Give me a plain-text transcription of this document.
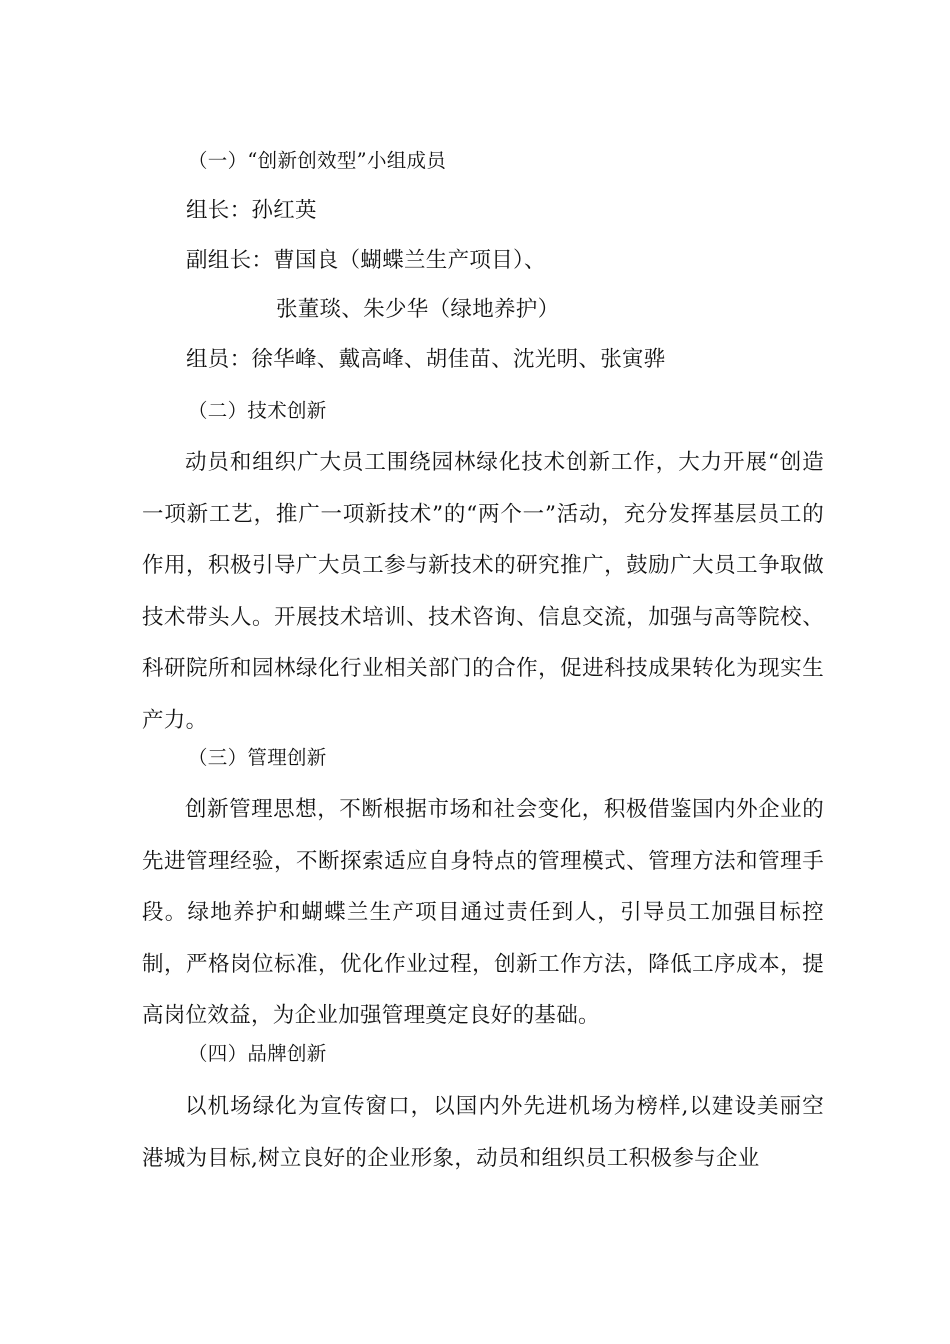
（一）“创新创效型”小组成员
组长：孙红英
副组长：曹国良（蝴蝶兰生产项目）、
张董琰、朱少华（绿地养护）
组员：徐华峰、戴高峰、胡佳苗、沈光明、张寅骅
（二）技术创新
动员和组织广大员工围绕园林绿化技术创新工作，大力开展“创造一项新工艺，推广一项新技术”的“两个一”活动，充分发挥基层员工的作用，积极引导广大员工参与新技术的研究推广，鼓励广大员工争取做技术带头人。开展技术培训、技术咨询、信息交流，加强与高等院校、科研院所和园林绿化行业相关部门的合作，促进科技成果转化为现实生产力。
（三）管理创新
创新管理思想，不断根据市场和社会变化，积极借鉴国内外企业的先进管理经验，不断探索适应自身特点的管理模式、管理方法和管理手段。绿地养护和蝴蝶兰生产项目通过责任到人，引导员工加强目标控制，严格岗位标准，优化作业过程，创新工作方法，降低工序成本，提高岗位效益，为企业加强管理奠定良好的基础。
（四）品牌创新
以机场绿化为宣传窗口，以国内外先进机场为榜样,以建设美丽空港城为目标,树立良好的企业形象，动员和组织员工积极参与企业
